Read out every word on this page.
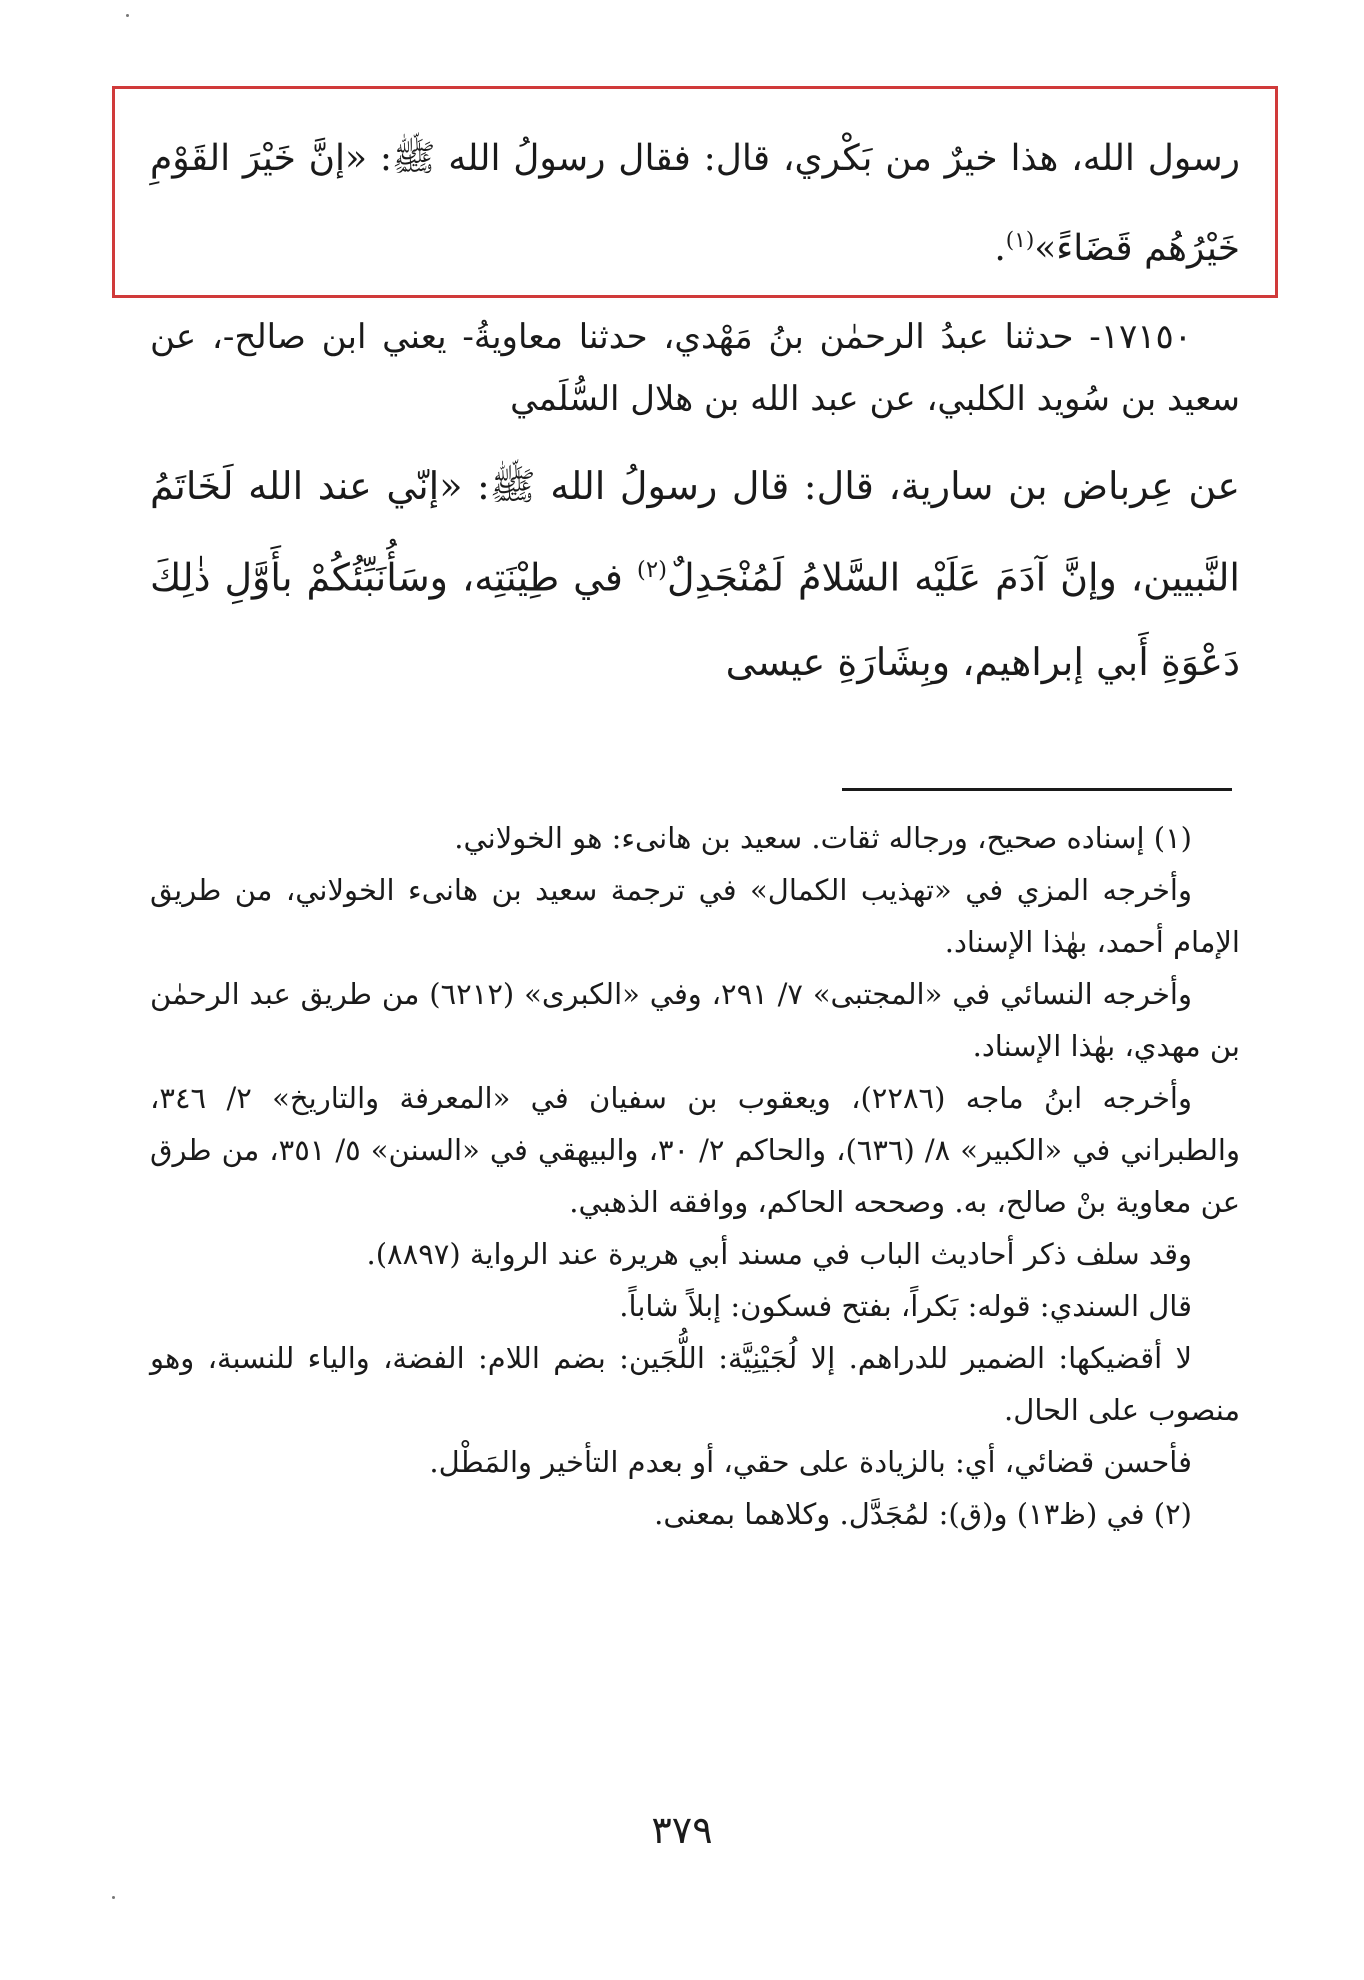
رسول الله، هذا خيرٌ من بَكْري، قال: فقال رسولُ الله ﷺ: «إنَّ خَيْرَ القَوْمِ خَيْرُهُم قَضَاءً»$^{(١)}$.

١٧١٥٠- حدثنا عبدُ الرحمٰن بنُ مَهْدي، حدثنا معاويةُ- يعني ابن صالح-، عن سعيد بن سُويد الكلبي، عن عبد الله بن هلال السُّلَمي

عن عِرباض بن سارية، قال: قال رسولُ الله ﷺ: «إنّي عند الله لَخَاتَمُ النَّبيين، وإنَّ آدَمَ عَلَيْه السَّلامُ لَمُنْجَدِلٌ$^{(٢)}$ في طِيْنَتِه، وسَأُنَبِّئُكُمْ بأَوَّلِ ذٰلِكَ دَعْوَةِ أَبي إبراهيم، وبِشَارَةِ عيسى

(١) إسناده صحيح، ورجاله ثقات. سعيد بن هانىء: هو الخولاني.

وأخرجه المزي في «تهذيب الكمال» في ترجمة سعيد بن هانىء الخولاني، من طريق الإمام أحمد، بهٰذا الإسناد.

وأخرجه النسائي في «المجتبى» ٧/ ٢٩١، وفي «الكبرى» (٦٢١٢) من طريق عبد الرحمٰن بن مهدي، بهٰذا الإسناد.

وأخرجه ابنُ ماجه (٢٢٨٦)، ويعقوب بن سفيان في «المعرفة والتاريخ» ٢/ ٣٤٦، والطبراني في «الكبير» ٨/ (٦٣٦)، والحاكم ٢/ ٣٠، والبيهقي في «السنن» ٥/ ٣٥١، من طرق عن معاوية بنْ صالح، به. وصححه الحاكم، ووافقه الذهبي.

وقد سلف ذكر أحاديث الباب في مسند أبي هريرة عند الرواية (٨٨٩٧).

قال السندي: قوله: بَكراً، بفتح فسكون: إبلاً شاباً.

لا أقضيكها: الضمير للدراهم. إلا لُجَيْنِيَّة: اللُّجَين: بضم اللام: الفضة، والياء للنسبة، وهو منصوب على الحال.

فأحسن قضائي، أي: بالزيادة على حقي، أو بعدم التأخير والمَطْل.

(٢) في (ظ١٣) و(ق): لمُجَدَّل. وكلاهما بمعنى.

٣٧٩
